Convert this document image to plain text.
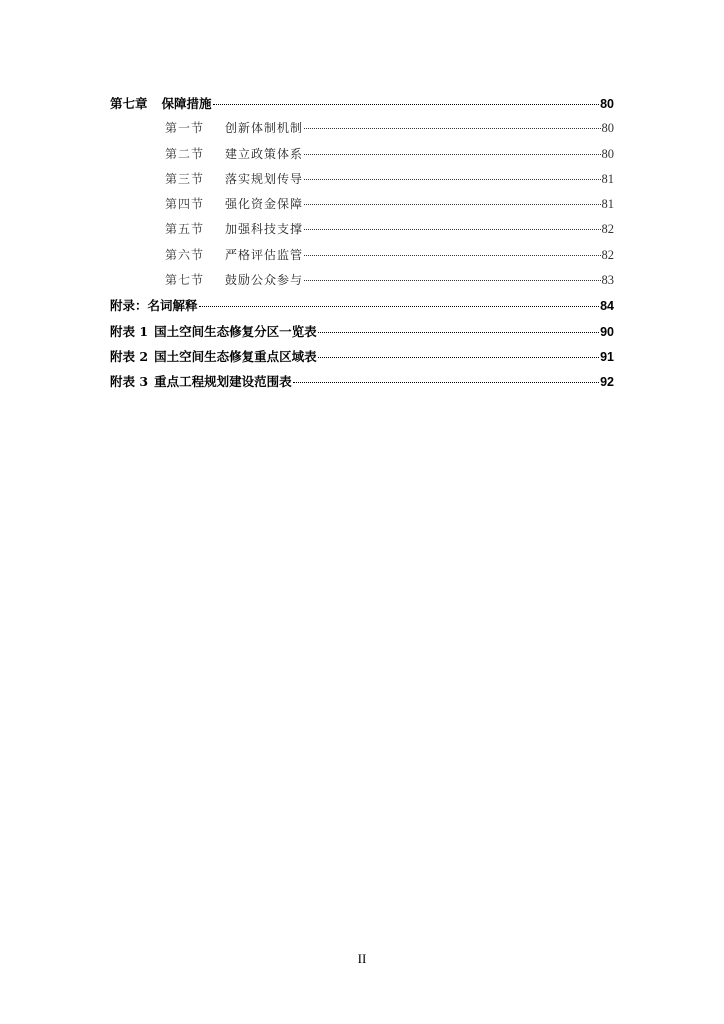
第七章 保障措施	80
第一节	创新体制机制	80
第二节	建立政策体系	80
第三节	落实规划传导	81
第四节	强化资金保障	81
第五节	加强科技支撑	82
第六节	严格评估监管	82
第七节	鼓励公众参与	83
附录：名词解释	84
附表 1 国土空间生态修复分区一览表	90
附表 2 国土空间生态修复重点区域表	91
附表 3 重点工程规划建设范围表	92
II
